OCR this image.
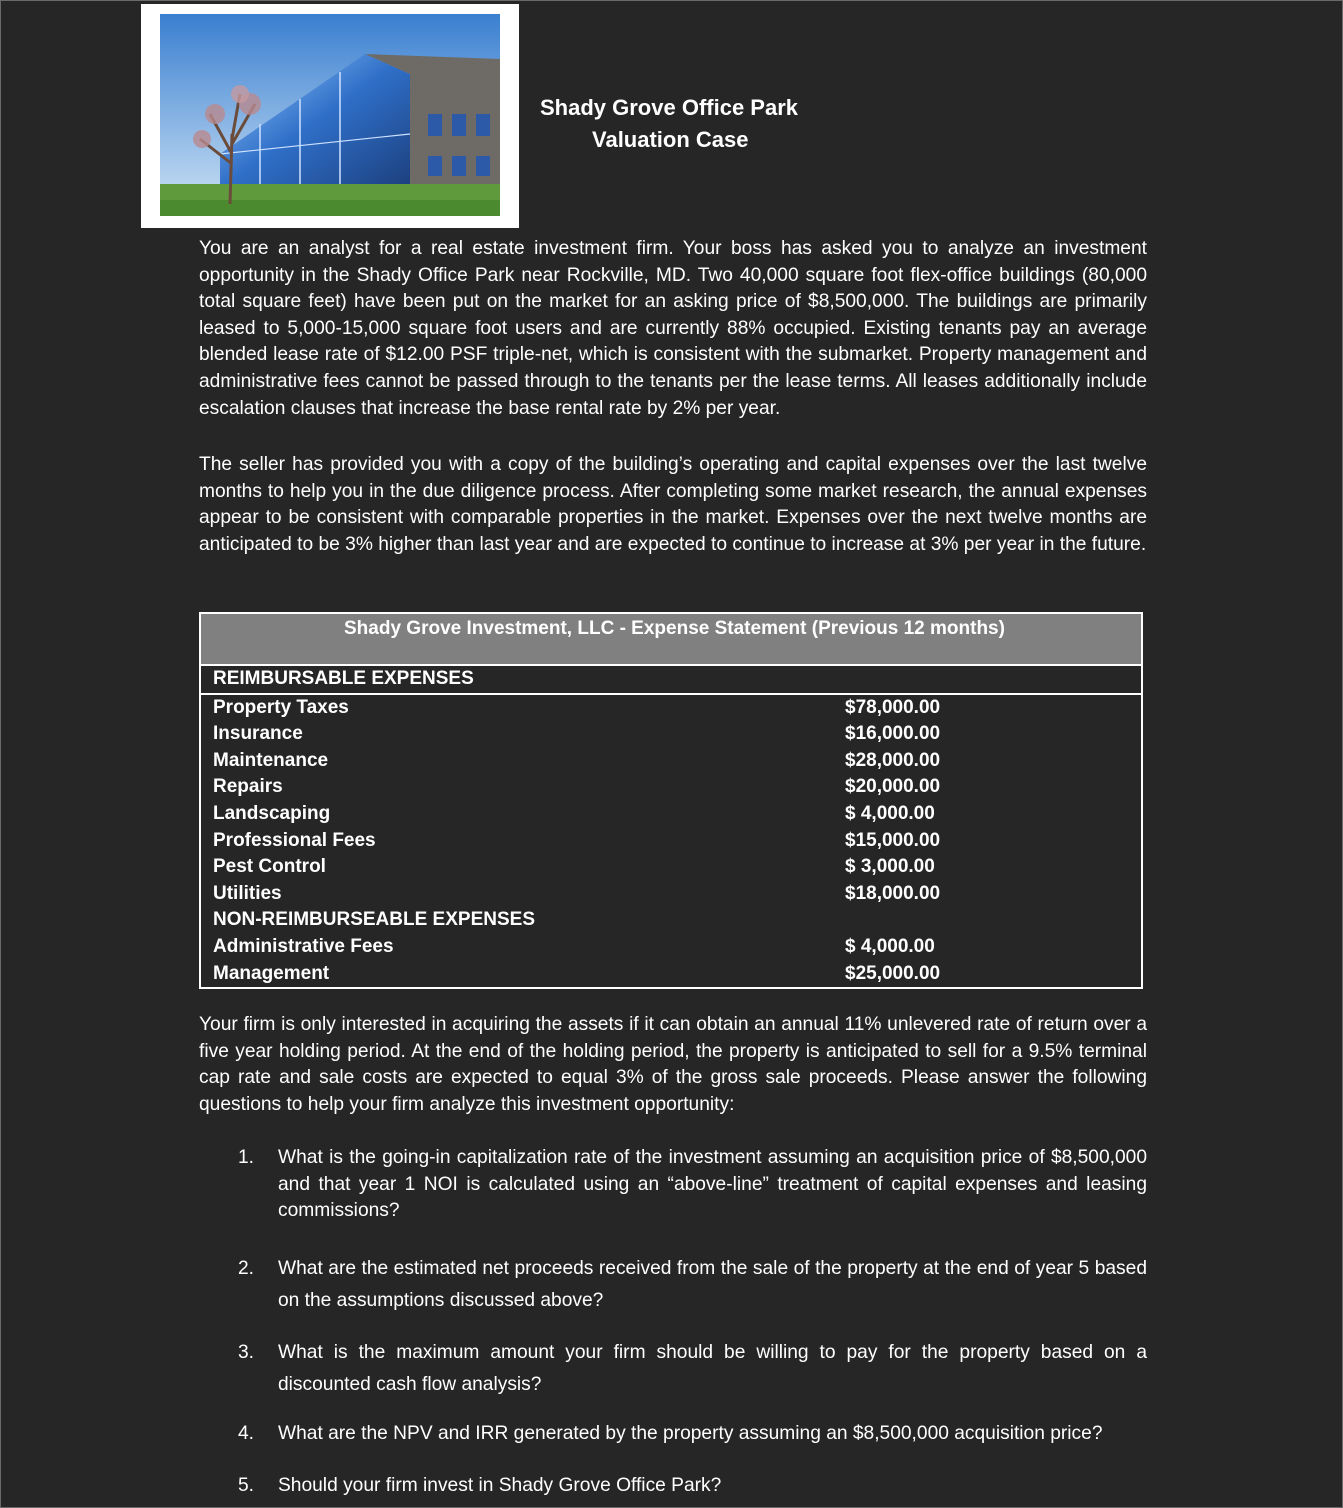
Shady Grove Office Park
Valuation Case

You are an analyst for a real estate investment firm. Your boss has asked you to analyze an investment opportunity in the Shady Office Park near Rockville, MD. Two 40,000 square foot flex-office buildings (80,000 total square feet) have been put on the market for an asking price of $8,500,000. The buildings are primarily leased to 5,000-15,000 square foot users and are currently 88% occupied. Existing tenants pay an average blended lease rate of $12.00 PSF triple-net, which is consistent with the submarket. Property management and administrative fees cannot be passed through to the tenants per the lease terms. All leases additionally include escalation clauses that increase the base rental rate by 2% per year.

The seller has provided you with a copy of the building’s operating and capital expenses over the last twelve months to help you in the due diligence process. After completing some market research, the annual expenses appear to be consistent with comparable properties in the market. Expenses over the next twelve months are anticipated to be 3% higher than last year and are expected to continue to increase at 3% per year in the future.

Shady Grove Investment, LLC - Expense Statement (Previous 12 months)	
REIMBURSABLE EXPENSES	
Property Taxes	$78,000.00
Insurance	$16,000.00
Maintenance	$28,000.00
Repairs	$20,000.00
Landscaping	$ 4,000.00
Professional Fees	$15,000.00
Pest Control	$ 3,000.00
Utilities	$18,000.00
NON-REIMBURSEABLE EXPENSES	
Administrative Fees	$ 4,000.00
Management	$25,000.00

Your firm is only interested in acquiring the assets if it can obtain an annual 11% unlevered rate of return over a five year holding period. At the end of the holding period, the property is anticipated to sell for a 9.5% terminal cap rate and sale costs are expected to equal 3% of the gross sale proceeds. Please answer the following questions to help your firm analyze this investment opportunity:

1. What is the going-in capitalization rate of the investment assuming an acquisition price of $8,500,000 and that year 1 NOI is calculated using an “above-line” treatment of capital expenses and leasing commissions?
2. What are the estimated net proceeds received from the sale of the property at the end of year 5 based on the assumptions discussed above?
3. What is the maximum amount your firm should be willing to pay for the property based on a discounted cash flow analysis?
4. What are the NPV and IRR generated by the property assuming an $8,500,000 acquisition price?
5. Should your firm invest in Shady Grove Office Park?
